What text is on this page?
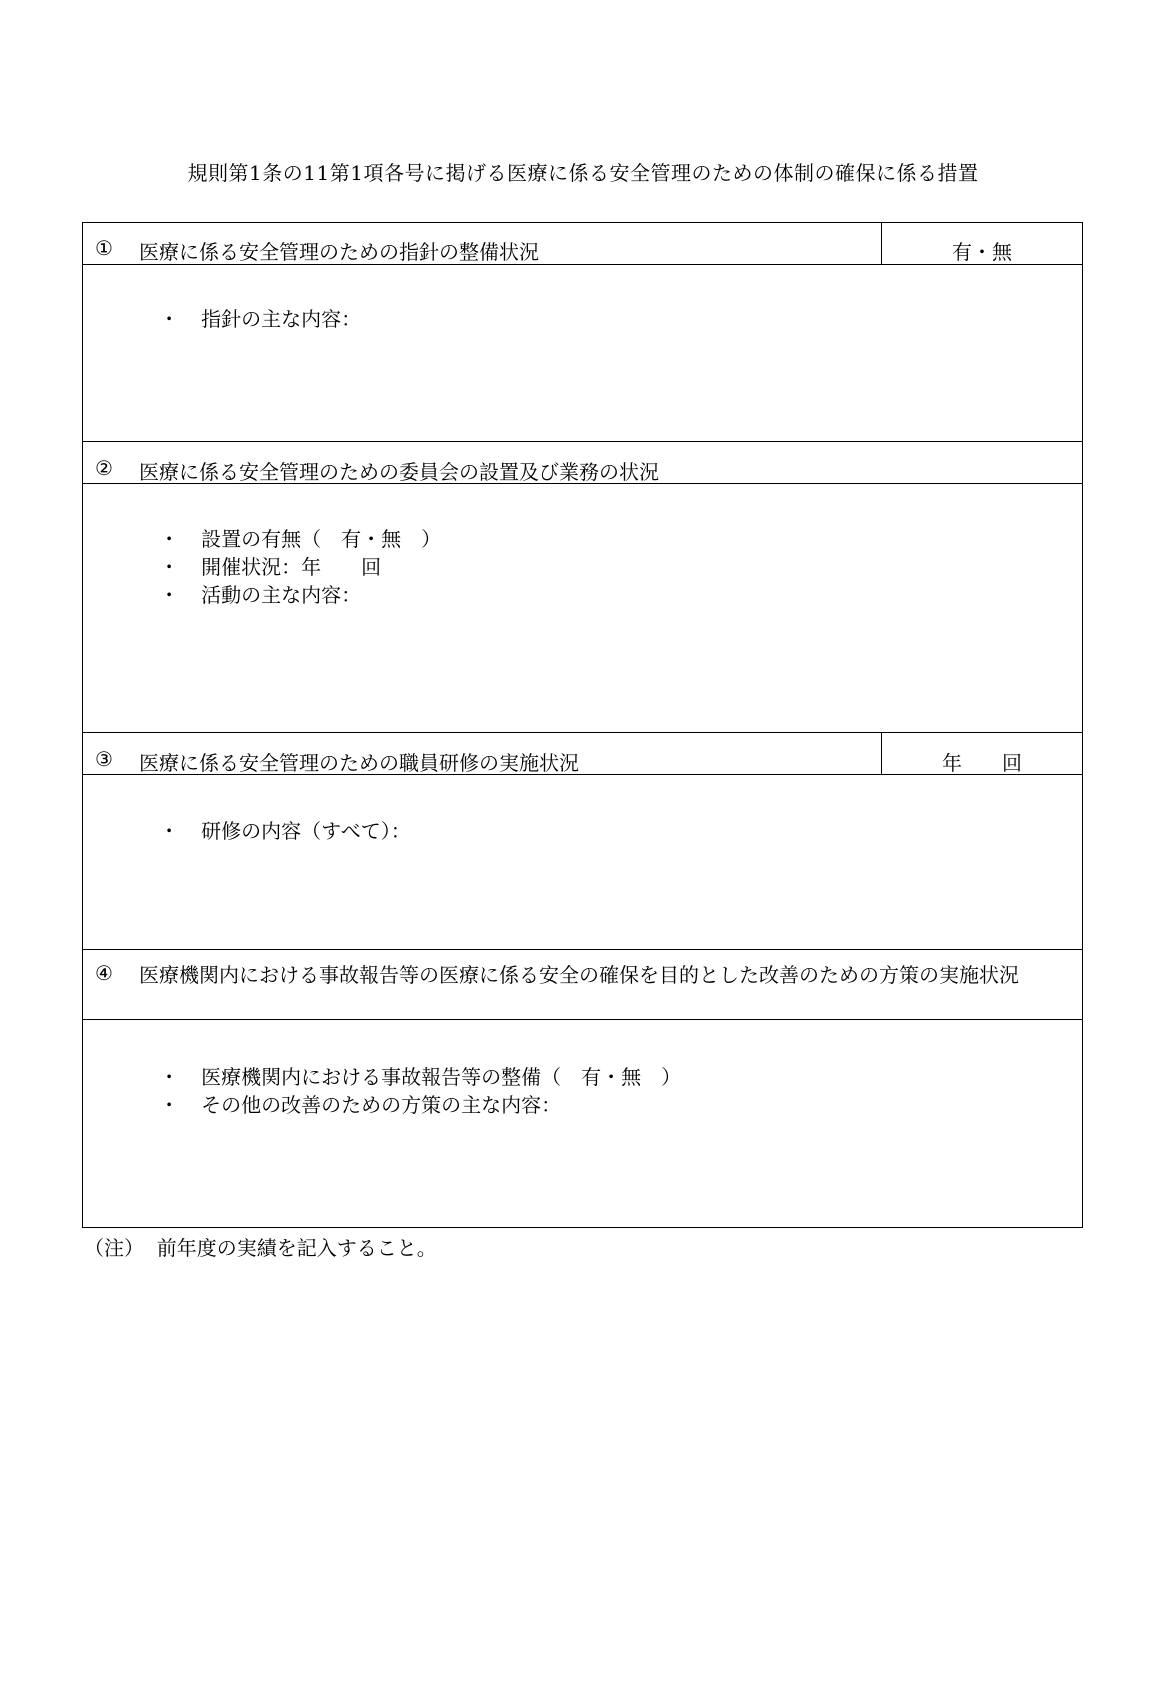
規則第1条の11第1項各号に掲げる医療に係る安全管理のための体制の確保に係る措置
① 医療に係る安全管理のための指針の整備状況	有・無

・ 指針の主な内容：

② 医療に係る安全管理のための委員会の設置及び業務の状況

・ 設置の有無（　有・無　）

・ 開催状況：年　　回

・ 活動の主な内容：

③ 医療に係る安全管理のための職員研修の実施状況	年　　回

・ 研修の内容（すべて）：

④ 医療機関内における事故報告等の医療に係る安全の確保を目的とした改善のための方策の実施状況

・ 医療機関内における事故報告等の整備（　有・無　）

・ その他の改善のための方策の主な内容：

（注） 前年度の実績を記入すること。
